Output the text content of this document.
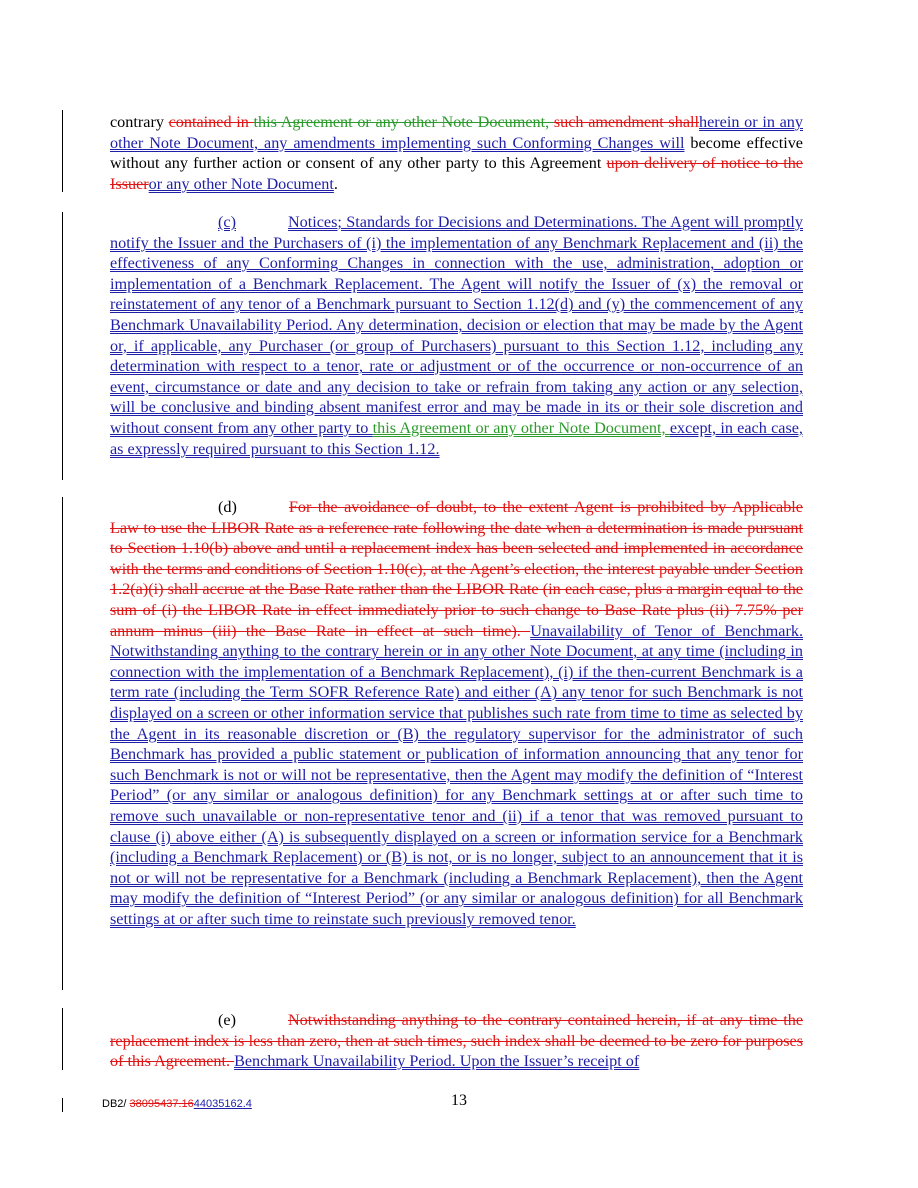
contrary contained in this Agreement or any other Note Document, such amendment shallherein or in any other Note Document, any amendments implementing such Conforming Changes will become effective without any further action or consent of any other party to this Agreement upon delivery of notice to the Issueror any other Note Document.
(c)	Notices; Standards for Decisions and Determinations. The Agent will promptly notify the Issuer and the Purchasers of (i) the implementation of any Benchmark Replacement and (ii) the effectiveness of any Conforming Changes in connection with the use, administration, adoption or implementation of a Benchmark Replacement. The Agent will notify the Issuer of (x) the removal or reinstatement of any tenor of a Benchmark pursuant to Section 1.12(d) and (y) the commencement of any Benchmark Unavailability Period. Any determination, decision or election that may be made by the Agent or, if applicable, any Purchaser (or group of Purchasers) pursuant to this Section 1.12, including any determination with respect to a tenor, rate or adjustment or of the occurrence or non-occurrence of an event, circumstance or date and any decision to take or refrain from taking any action or any selection, will be conclusive and binding absent manifest error and may be made in its or their sole discretion and without consent from any other party to this Agreement or any other Note Document, except, in each case, as expressly required pursuant to this Section 1.12.
(d)	For the avoidance of doubt, to the extent Agent is prohibited by Applicable Law to use the LIBOR Rate as a reference rate following the date when a determination is made pursuant to Section 1.10(b) above and until a replacement index has been selected and implemented in accordance with the terms and conditions of Section 1.10(c), at the Agent’s election, the interest payable under Section 1.2(a)(i) shall accrue at the Base Rate rather than the LIBOR Rate (in each case, plus a margin equal to the sum of (i) the LIBOR Rate in effect immediately prior to such change to Base Rate plus (ii) 7.75% per annum minus (iii) the Base Rate in effect at such time). Unavailability of Tenor of Benchmark. Notwithstanding anything to the contrary herein or in any other Note Document, at any time (including in connection with the implementation of a Benchmark Replacement), (i) if the then-current Benchmark is a term rate (including the Term SOFR Reference Rate) and either (A) any tenor for such Benchmark is not displayed on a screen or other information service that publishes such rate from time to time as selected by the Agent in its reasonable discretion or (B) the regulatory supervisor for the administrator of such Benchmark has provided a public statement or publication of information announcing that any tenor for such Benchmark is not or will not be representative, then the Agent may modify the definition of “Interest Period” (or any similar or analogous definition) for any Benchmark settings at or after such time to remove such unavailable or non-representative tenor and (ii) if a tenor that was removed pursuant to clause (i) above either (A) is subsequently displayed on a screen or information service for a Benchmark (including a Benchmark Replacement) or (B) is not, or is no longer, subject to an announcement that it is not or will not be representative for a Benchmark (including a Benchmark Replacement), then the Agent may modify the definition of “Interest Period” (or any similar or analogous definition) for all Benchmark settings at or after such time to reinstate such previously removed tenor.
(e)	Notwithstanding anything to the contrary contained herein, if at any time the replacement index is less than zero, then at such times, such index shall be deemed to be zero for purposes of this Agreement. Benchmark Unavailability Period. Upon the Issuer’s receipt of
DB2/ 38095437.1644035162.4	13
